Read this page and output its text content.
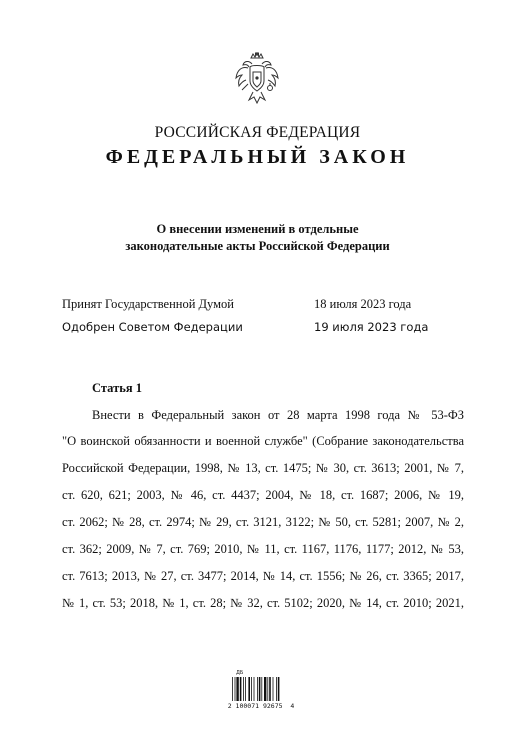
РОССИЙСКАЯ ФЕДЕРАЦИЯ
ФЕДЕРАЛЬНЫЙ ЗАКОН
О внесении изменений в отдельные
законодательные акты Российской Федерации
Принят Государственной Думой	18 июля 2023 года
Одобрен Советом Федерации	19 июля 2023 года
Статья 1
Внести в Федеральный закон от 28 марта 1998 года № 53-ФЗ
"О воинской обязанности и военной службе" (Собрание законодательства
Российской Федерации, 1998, № 13, ст. 1475; № 30, ст. 3613; 2001, № 7,
ст. 620, 621; 2003, № 46, ст. 4437; 2004, № 18, ст. 1687; 2006, № 19,
ст. 2062; № 28, ст. 2974; № 29, ст. 3121, 3122; № 50, ст. 5281; 2007, № 2,
ст. 362; 2009, № 7, ст. 769; 2010, № 11, ст. 1167, 1176, 1177; 2012, № 53,
ст. 7613; 2013, № 27, ст. 3477; 2014, № 14, ст. 1556; № 26, ст. 3365; 2017,
№ 1, ст. 53; 2018, № 1, ст. 28; № 32, ст. 5102; 2020, № 14, ст. 2010; 2021,
ДБ
2 100071 92675  4
